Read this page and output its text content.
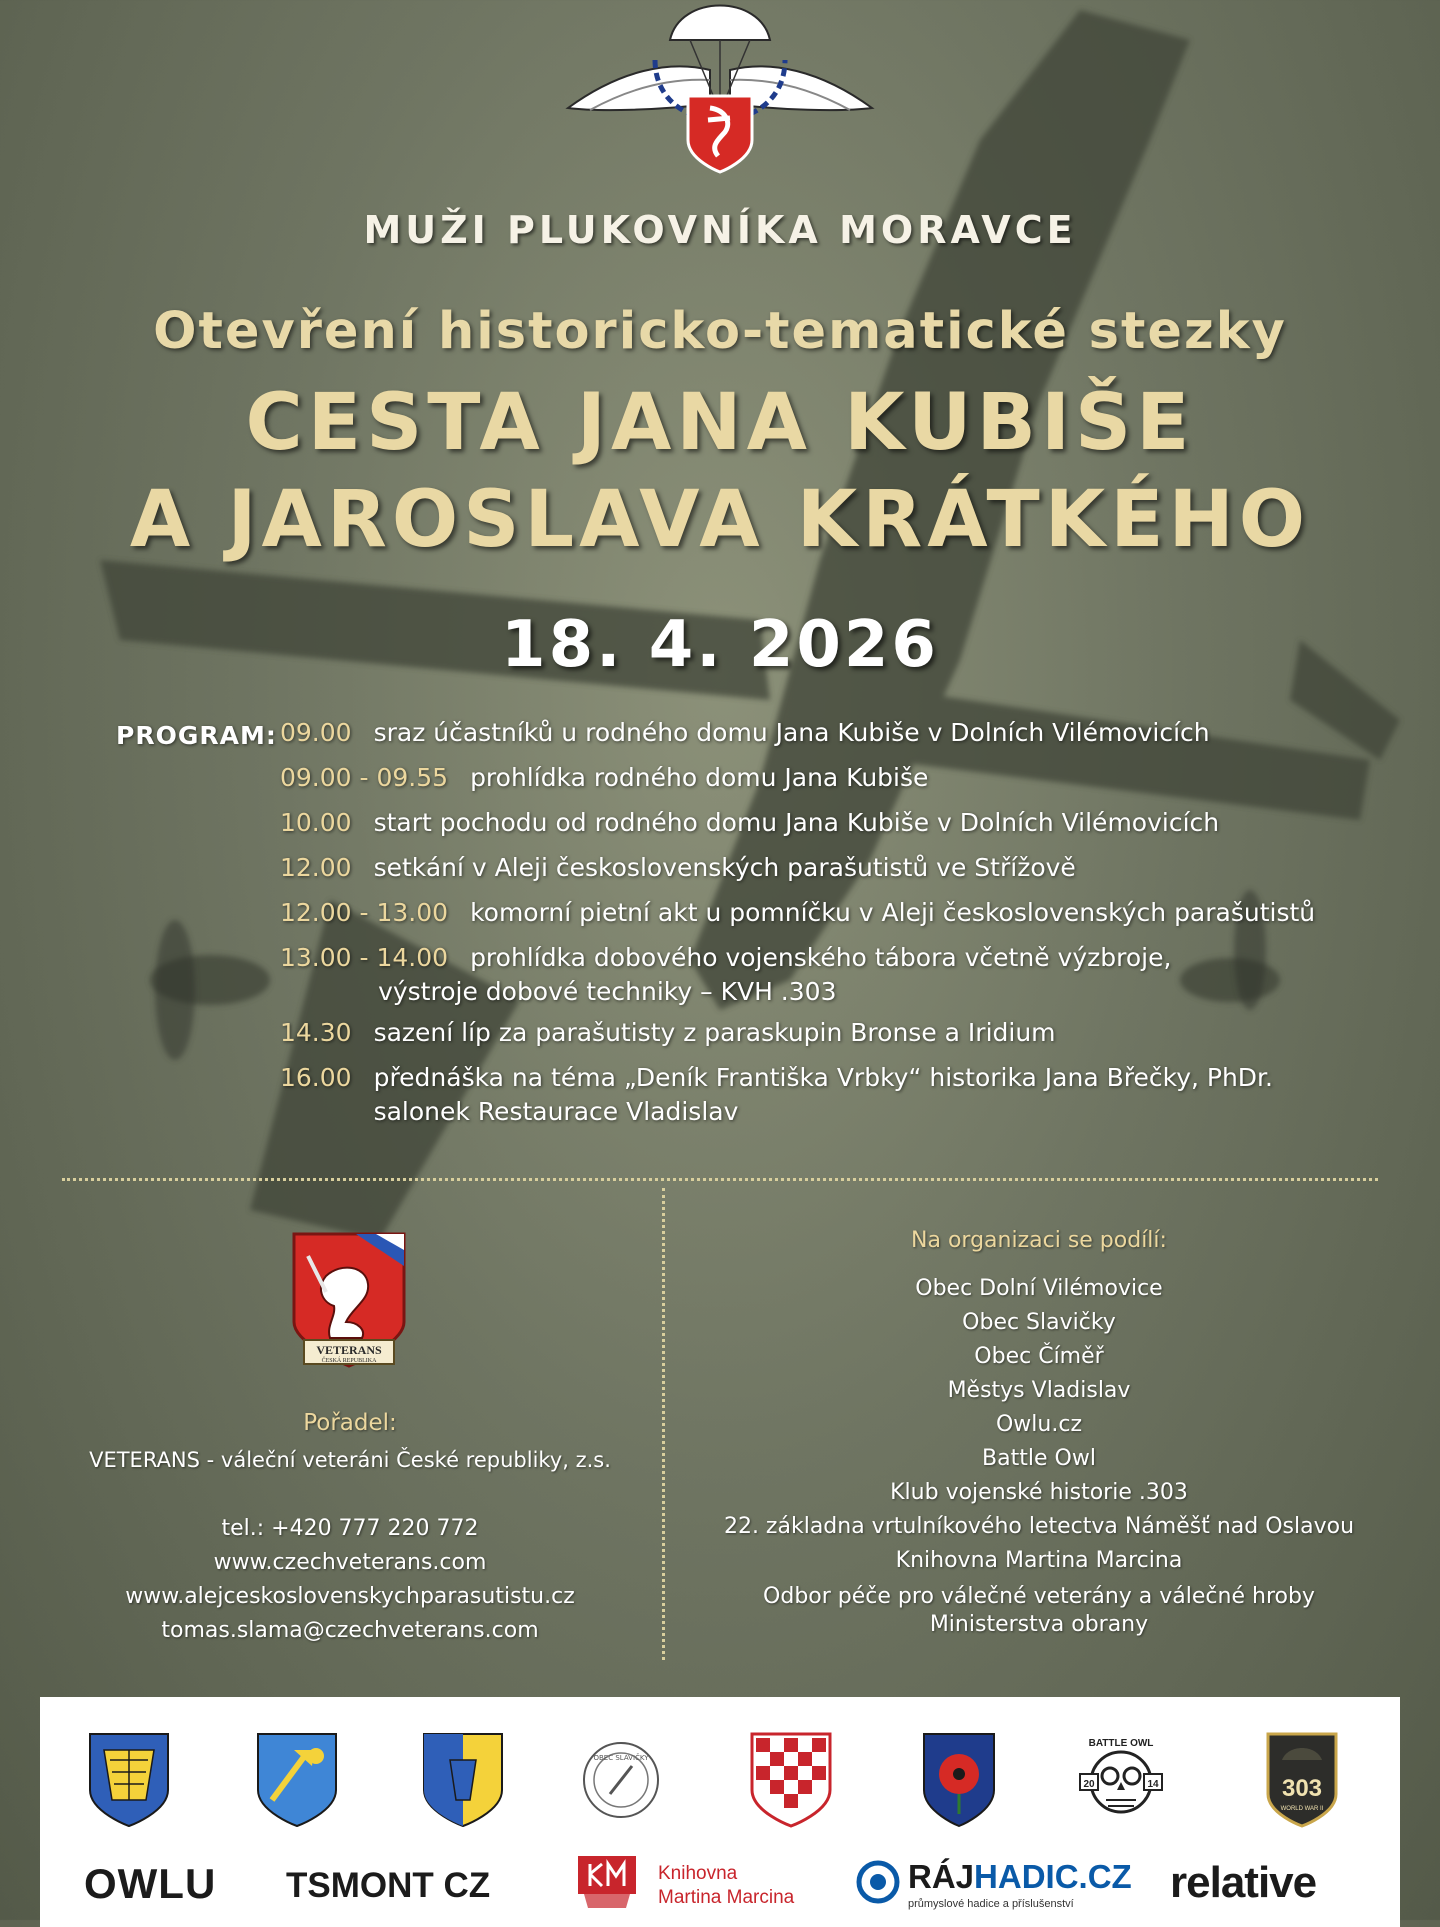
MUŽI PLUKOVNÍKA MORAVCE
Otevření historicko-tematické stezky
CESTA JANA KUBIŠE
A JAROSLAVA KRÁTKÉHO
18. 4. 2026
PROGRAM: 09.00 sraz účastníků u rodného domu Jana Kubiše v Dolních Vilémovicích
09.00 - 09.55 prohlídka rodného domu Jana Kubiše
10.00 start pochodu od rodného domu Jana Kubiše v Dolních Vilémovicích
12.00 setkání v Aleji československých parašutistů ve Střížově
12.00 - 13.00 komorní pietní akt u pomníčku v Aleji československých parašutistů
13.00 - 14.00 prohlídka dobového vojenského tábora včetně výzbroje,
výstroje dobové techniky – KVH .303
14.30 sazení líp za parašutisty z paraskupin Bronse a Iridium
16.00 přednáška na téma „Deník Františka Vrbky“ historika Jana Břečky, PhDr.
salonek Restaurace Vladislav
VETERANS
ČESKÁ REPUBLIKA
Pořadel:
VETERANS - váleční veteráni České republiky, z.s.
tel.: +420 777 220 772
www.czechveterans.com
www.alejceskoslovenskychparasutistu.cz
tomas.slama@czechveterans.com
Na organizaci se podílí:
Obec Dolní Vilémovice
Obec Slavičky
Obec Číměř
Městys Vladislav
Owlu.cz
Battle Owl
Klub vojenské historie .303
22. základna vrtulníkového letectva Náměšť nad Oslavou
Knihovna Martina Marcina
Odbor péče pro válečné veterány a válečné hroby
Ministerstva obrany
OBEC SLAVIČKY
BATTLE OWL
20	14	303
WORLD WAR II
OWLU TSMONT CZ	Knihovna
Martina Marcina
RÁJHADIC.CZ
průmyslové hadice a příslušenství relative
